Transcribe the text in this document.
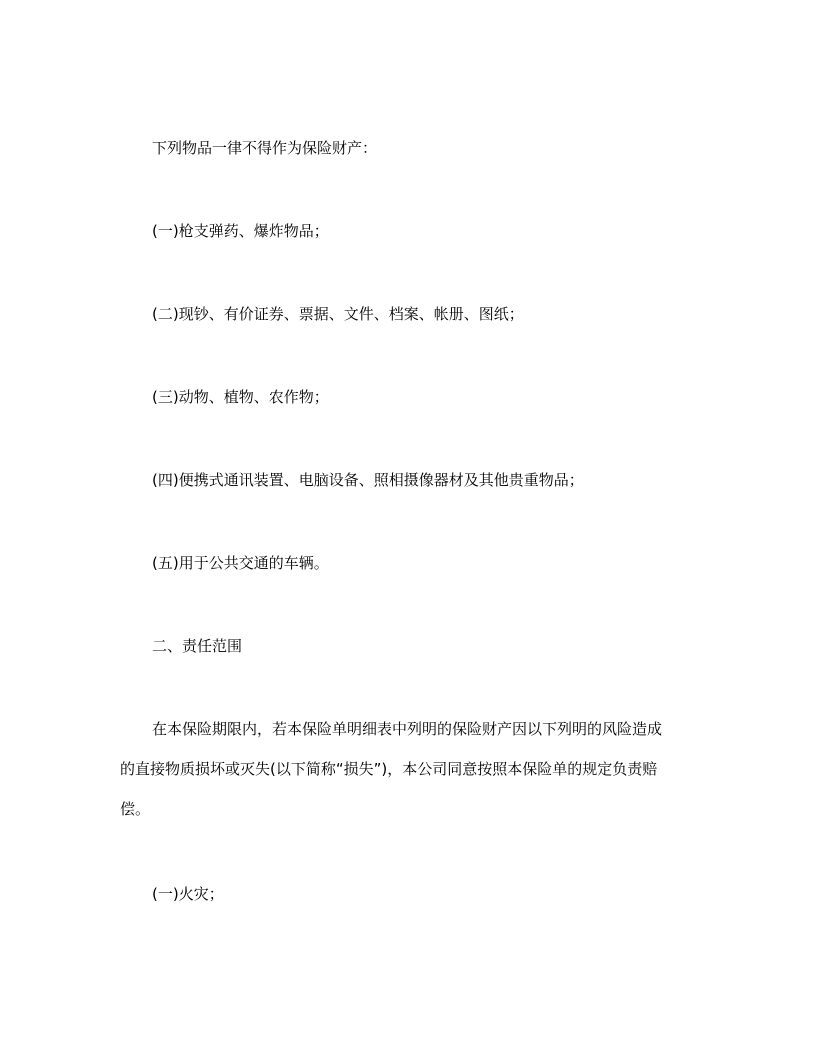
下列物品一律不得作为保险财产：
(一)枪支弹药、爆炸物品；
(二)现钞、有价证券、票据、文件、档案、帐册、图纸；
(三)动物、植物、农作物；
(四)便携式通讯装置、电脑设备、照相摄像器材及其他贵重物品；
(五)用于公共交通的车辆。
二、责任范围
在本保险期限内，若本保险单明细表中列明的保险财产因以下列明的风险造成
的直接物质损坏或灭失(以下简称“损失”)，本公司同意按照本保险单的规定负责赔
偿。
(一)火灾；
